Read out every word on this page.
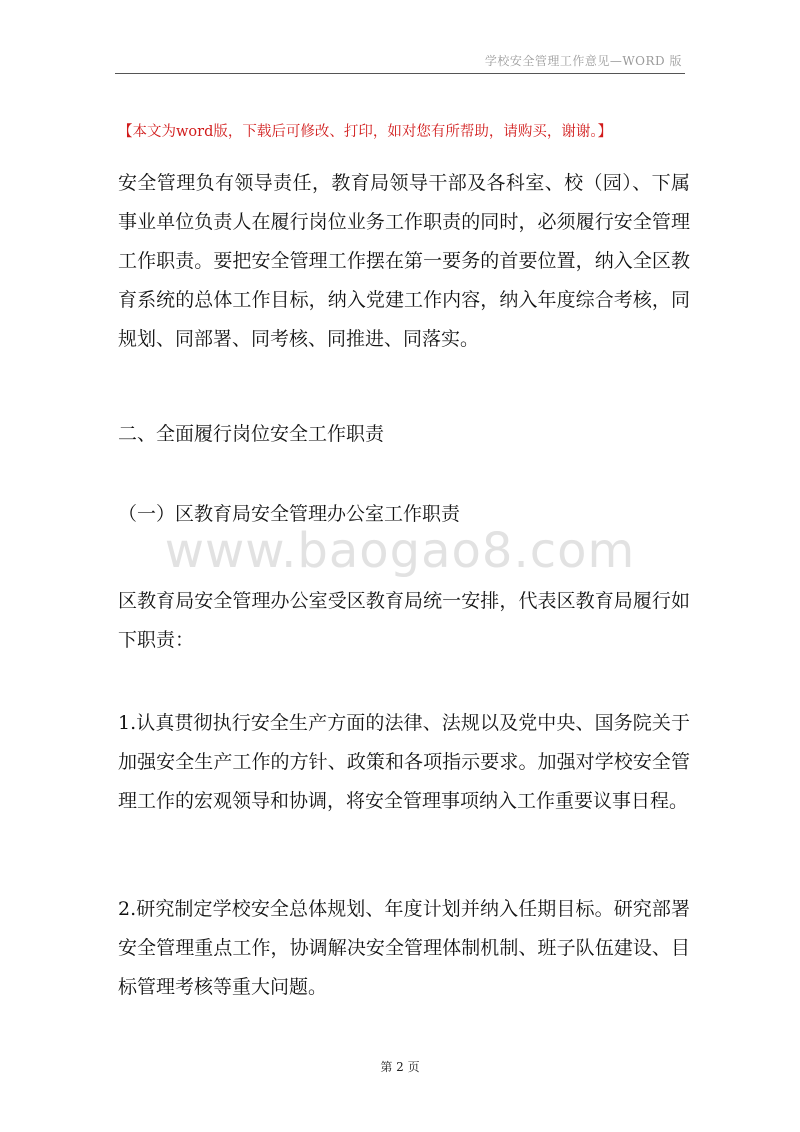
学校安全管理工作意见—WORD 版
【本文为word版，下载后可修改、打印，如对您有所帮助，请购买，谢谢。】

安全管理负有领导责任，教育局领导干部及各科室、校（园）、下属事业单位负责人在履行岗位业务工作职责的同时，必须履行安全管理工作职责。要把安全管理工作摆在第一要务的首要位置，纳入全区教育系统的总体工作目标，纳入党建工作内容，纳入年度综合考核，同规划、同部署、同考核、同推进、同落实。

二、全面履行岗位安全工作职责

（一）区教育局安全管理办公室工作职责

www.baogao8.com

区教育局安全管理办公室受区教育局统一安排，代表区教育局履行如下职责：

1.认真贯彻执行安全生产方面的法律、法规以及党中央、国务院关于加强安全生产工作的方针、政策和各项指示要求。加强对学校安全管理工作的宏观领导和协调，将安全管理事项纳入工作重要议事日程。

2.研究制定学校安全总体规划、年度计划并纳入任期目标。研究部署安全管理重点工作，协调解决安全管理体制机制、班子队伍建设、目标管理考核等重大问题。

第 2 页
